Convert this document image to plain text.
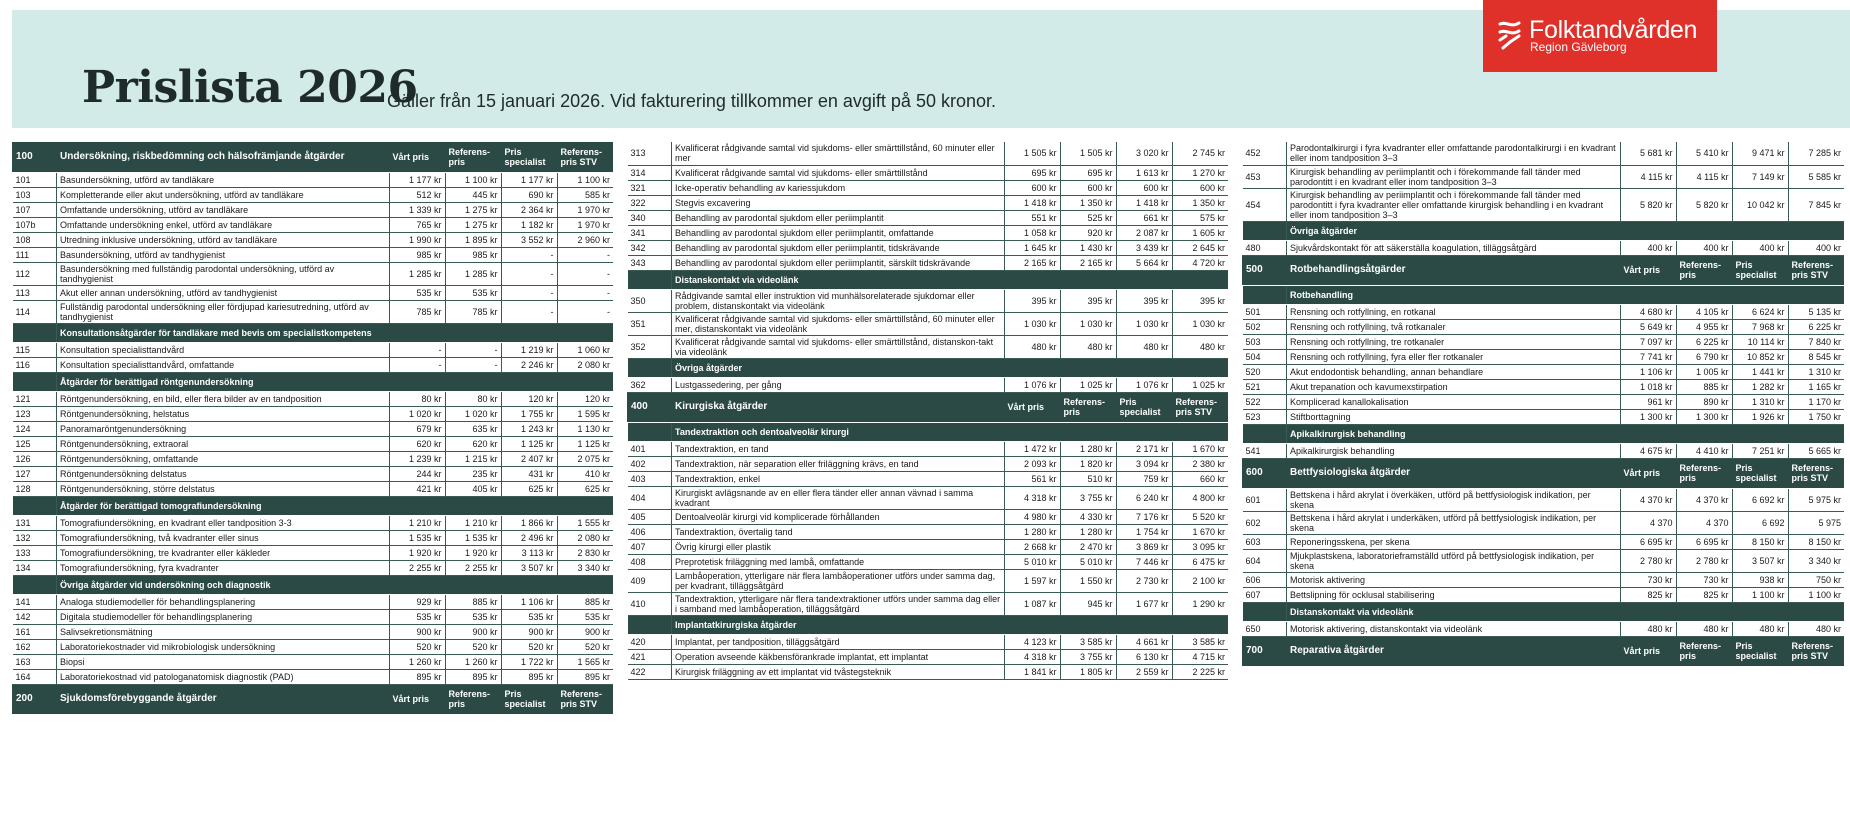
Prislista 2026
Gäller från 15 januari 2026. Vid fakturering tillkommer en avgift på 50 kronor.
Folktandvården
Region Gävleborg
100	Undersökning, riskbedömning och hälsofrämjande åtgärder	Vårt pris	Referens-pris	Pris specialist	Referens-pris STV
101	Basundersökning, utförd av tandläkare	1 177 kr	1 100 kr	1 177 kr	1 100 kr
103	Kompletterande eller akut undersökning, utförd av tandläkare	512 kr	445 kr	690 kr	585 kr
107	Omfattande undersökning, utförd av tandläkare	1 339 kr	1 275 kr	2 364 kr	1 970 kr
107b	Omfattande undersökning enkel, utförd av tandläkare	765 kr	1 275 kr	1 182 kr	1 970 kr
108	Utredning inklusive undersökning, utförd av tandläkare	1 990 kr	1 895 kr	3 552 kr	2 960 kr
111	Basundersökning, utförd av tandhygienist	985 kr	985 kr	-	-
112	Basundersökning med fullständig parodontal undersökning, utförd av tandhygienist	1 285 kr	1 285 kr	-	-
113	Akut eller annan undersökning, utförd av tandhygienist	535 kr	535 kr	-	-
114	Fullständig parodontal undersökning eller fördjupad kariesutredning, utförd av tandhygienist	785 kr	785 kr	-	-
	Konsultationsåtgärder för tandläkare med bevis om specialistkompetens				
115	Konsultation specialisttandvård	-	-	1 219 kr	1 060 kr
116	Konsultation specialisttandvård, omfattande	-	-	2 246 kr	2 080 kr
	Åtgärder för berättigad röntgenundersökning				
121	Röntgenundersökning, en bild, eller flera bilder av en tandposition	80 kr	80 kr	120 kr	120 kr
123	Röntgenundersökning, helstatus	1 020 kr	1 020 kr	1 755 kr	1 595 kr
124	Panoramaröntgenundersökning	679 kr	635 kr	1 243 kr	1 130 kr
125	Röntgenundersökning, extraoral	620 kr	620 kr	1 125 kr	1 125 kr
126	Röntgenundersökning, omfattande	1 239 kr	1 215 kr	2 407 kr	2 075 kr
127	Röntgenundersökning delstatus	244 kr	235 kr	431 kr	410 kr
128	Röntgenundersökning, större delstatus	421 kr	405 kr	625 kr	625 kr
	Åtgärder för berättigad tomografiundersökning				
131	Tomografiundersökning, en kvadrant eller tandposition 3-3	1 210 kr	1 210 kr	1 866 kr	1 555 kr
132	Tomografiundersökning, två kvadranter eller sinus	1 535 kr	1 535 kr	2 496 kr	2 080 kr
133	Tomografiundersökning, tre kvadranter eller käkleder	1 920 kr	1 920 kr	3 113 kr	2 830 kr
134	Tomografiundersökning, fyra kvadranter	2 255 kr	2 255 kr	3 507 kr	3 340 kr
	Övriga åtgärder vid undersökning och diagnostik				
141	Analoga studiemodeller för behandlingsplanering	929 kr	885 kr	1 106 kr	885 kr
142	Digitala studiemodeller för behandlingsplanering	535 kr	535 kr	535 kr	535 kr
161	Salivsekretionsmätning	900 kr	900 kr	900 kr	900 kr
162	Laboratoriekostnader vid mikrobiologisk undersökning	520 kr	520 kr	520 kr	520 kr
163	Biopsi	1 260 kr	1 260 kr	1 722 kr	1 565 kr
164	Laboratoriekostnad vid patologanatomisk diagnostik (PAD)	895 kr	895 kr	895 kr	895 kr
200	Sjukdomsförebyggande åtgärder	Vårt pris	Referens-pris	Pris specialist	Referens-pris STV
313	Kvalificerat rådgivande samtal vid sjukdoms- eller smärttillstånd, 60 minuter eller mer	1 505 kr	1 505 kr	3 020 kr	2 745 kr
314	Kvalificerat rådgivande samtal vid sjukdoms- eller smärttillstånd	695 kr	695 kr	1 613 kr	1 270 kr
321	Icke-operativ behandling av kariessjukdom	600 kr	600 kr	600 kr	600 kr
322	Stegvis excavering	1 418 kr	1 350 kr	1 418 kr	1 350 kr
340	Behandling av parodontal sjukdom eller periimplantit	551 kr	525 kr	661 kr	575 kr
341	Behandling av parodontal sjukdom eller periimplantit, omfattande	1 058 kr	920 kr	2 087 kr	1 605 kr
342	Behandling av parodontal sjukdom eller periimplantit, tidskrävande	1 645 kr	1 430 kr	3 439 kr	2 645 kr
343	Behandling av parodontal sjukdom eller periimplantit, särskilt tidskrävande	2 165 kr	2 165 kr	5 664 kr	4 720 kr
	Distanskontakt via videolänk				
350	Rådgivande samtal eller instruktion vid munhälsorelaterade sjukdomar eller problem, distanskontakt via videolänk	395 kr	395 kr	395 kr	395 kr
351	Kvalificerat rådgivande samtal vid sjukdoms- eller smärttillstånd, 60 minuter eller mer, distanskontakt via videolänk	1 030 kr	1 030 kr	1 030 kr	1 030 kr
352	Kvalificerat rådgivande samtal vid sjukdoms- eller smärttillstånd, distanskon-takt via videolänk	480 kr	480 kr	480 kr	480 kr
	Övriga åtgärder				
362	Lustgassedering, per gång	1 076 kr	1 025 kr	1 076 kr	1 025 kr
400	Kirurgiska åtgärder	Vårt pris	Referens-pris	Pris specialist	Referens-pris STV
	Tandextraktion och dentoalveolär kirurgi				
401	Tandextraktion, en tand	1 472 kr	1 280 kr	2 171 kr	1 670 kr
402	Tandextraktion, när separation eller friläggning krävs, en tand	2 093 kr	1 820 kr	3 094 kr	2 380 kr
403	Tandextraktion, enkel	561 kr	510 kr	759 kr	660 kr
404	Kirurgiskt avlägsnande av en eller flera tänder eller annan vävnad i samma kvadrant	4 318 kr	3 755 kr	6 240 kr	4 800 kr
405	Dentoalveolär kirurgi vid komplicerade förhållanden	4 980 kr	4 330 kr	7 176 kr	5 520 kr
406	Tandextraktion, övertalig tand	1 280 kr	1 280 kr	1 754 kr	1 670 kr
407	Övrig kirurgi eller plastik	2 668 kr	2 470 kr	3 869 kr	3 095 kr
408	Preprotetisk friläggning med lambå, omfattande	5 010 kr	5 010 kr	7 446 kr	6 475 kr
409	Lambåoperation, ytterligare när flera lambåoperationer utförs under samma dag, per kvadrant, tilläggsåtgärd	1 597 kr	1 550 kr	2 730 kr	2 100 kr
410	Tandextraktion, ytterligare när flera tandextraktioner utförs under samma dag eller i samband med lambåoperation, tilläggsåtgärd	1 087 kr	945 kr	1 677 kr	1 290 kr
	Implantatkirurgiska åtgärder				
420	Implantat, per tandposition, tilläggsåtgärd	4 123 kr	3 585 kr	4 661 kr	3 585 kr
421	Operation avseende käkbensförankrade implantat, ett implantat	4 318 kr	3 755 kr	6 130 kr	4 715 kr
422	Kirurgisk friläggning av ett implantat vid tvåstegsteknik	1 841 kr	1 805 kr	2 559 kr	2 225 kr
452	Parodontalkirurgi i fyra kvadranter eller omfattande parodontalkirurgi i en kvadrant eller inom tandposition 3–3	5 681 kr	5 410 kr	9 471 kr	7 285 kr
453	Kirurgisk behandling av periimplantit och i förekommande fall tänder med parodontitt i en kvadrant eller inom tandposition 3–3	4 115 kr	4 115 kr	7 149 kr	5 585 kr
454	Kirurgisk behandling av periimplantit och i förekommande fall tänder med parodontitt i fyra kvadranter eller omfattande kirurgisk behandling i en kvadrant eller inom tandposition 3–3	5 820 kr	5 820 kr	10 042 kr	7 845 kr
	Övriga åtgärder				
480	Sjukvårdskontakt för att säkerställa koagulation, tilläggsåtgärd	400 kr	400 kr	400 kr	400 kr
500	Rotbehandlingsåtgärder	Vårt pris	Referens-pris	Pris specialist	Referens-pris STV
	Rotbehandling				
501	Rensning och rotfyllning, en rotkanal	4 680 kr	4 105 kr	6 624 kr	5 135 kr
502	Rensning och rotfyllning, två rotkanaler	5 649 kr	4 955 kr	7 968 kr	6 225 kr
503	Rensning och rotfyllning, tre rotkanaler	7 097 kr	6 225 kr	10 114 kr	7 840 kr
504	Rensning och rotfyllning, fyra eller fler rotkanaler	7 741 kr	6 790 kr	10 852 kr	8 545 kr
520	Akut endodontisk behandling, annan behandlare	1 106 kr	1 005 kr	1 441 kr	1 310 kr
521	Akut trepanation och kavumexstirpation	1 018 kr	885 kr	1 282 kr	1 165 kr
522	Komplicerad kanallokalisation	961 kr	890 kr	1 310 kr	1 170 kr
523	Stiftborttagning	1 300 kr	1 300 kr	1 926 kr	1 750 kr
	Apikalkirurgisk behandling				
541	Apikalkirurgisk behandling	4 675 kr	4 410 kr	7 251 kr	5 665 kr
600	Bettfysiologiska åtgärder	Vårt pris	Referens-pris	Pris specialist	Referens-pris STV
601	Bettskena i hård akrylat i överkäken, utförd på bettfysiologisk indikation, per skena	4 370 kr	4 370 kr	6 692 kr	5 975 kr
602	Bettskena i hård akrylat i underkäken, utförd på bettfysiologisk indikation, per skena	4 370	4 370	6 692	5 975
603	Reponeringsskena, per skena	6 695 kr	6 695 kr	8 150 kr	8 150 kr
604	Mjukplastskena, laboratorieframställd utförd på bettfysiologisk indikation, per skena	2 780 kr	2 780 kr	3 507 kr	3 340 kr
606	Motorisk aktivering	730 kr	730 kr	938 kr	750 kr
607	Bettslipning för ocklusal stabilisering	825 kr	825 kr	1 100 kr	1 100 kr
	Distanskontakt via videolänk				
650	Motorisk aktivering, distanskontakt via videolänk	480 kr	480 kr	480 kr	480 kr
700	Reparativa åtgärder	Vårt pris	Referens-pris	Pris specialist	Referens-pris STV
